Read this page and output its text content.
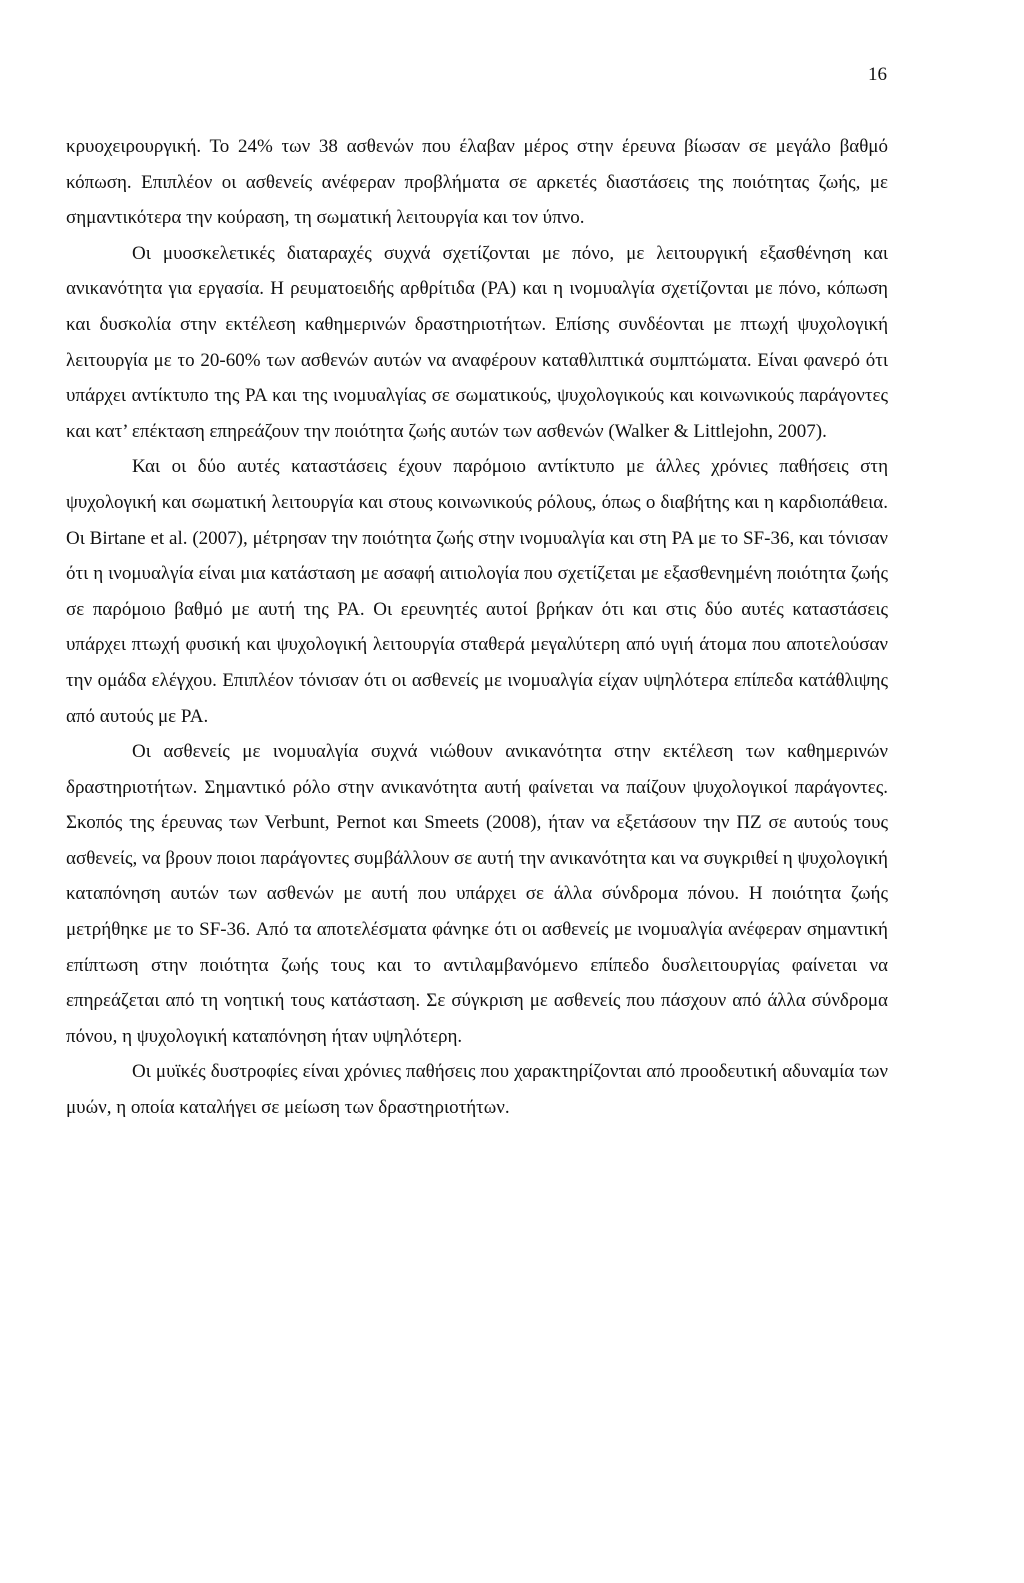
16

κρυοχειρουργική. Το 24% των 38 ασθενών που έλαβαν μέρος στην έρευνα βίωσαν σε μεγάλο βαθμό κόπωση. Επιπλέον οι ασθενείς ανέφεραν προβλήματα σε αρκετές διαστάσεις της ποιότητας ζωής, με σημαντικότερα την κούραση, τη σωματική λειτουργία και τον ύπνο.

Οι μυοσκελετικές διαταραχές συχνά σχετίζονται με πόνο, με λειτουργική εξασθένηση και ανικανότητα για εργασία. Η ρευματοειδής αρθρίτιδα (ΡΑ) και η ινομυαλγία σχετίζονται με πόνο, κόπωση και δυσκολία στην εκτέλεση καθημερινών δραστηριοτήτων. Επίσης συνδέονται με πτωχή ψυχολογική λειτουργία με το 20-60% των ασθενών αυτών να αναφέρουν καταθλιπτικά συμπτώματα. Είναι φανερό ότι υπάρχει αντίκτυπο της ΡΑ και της ινομυαλγίας σε σωματικούς, ψυχολογικούς και κοινωνικούς παράγοντες και κατ’ επέκταση επηρεάζουν την ποιότητα ζωής αυτών των ασθενών (Walker & Littlejohn, 2007).

Και οι δύο αυτές καταστάσεις έχουν παρόμοιο αντίκτυπο με άλλες χρόνιες παθήσεις στη ψυχολογική και σωματική λειτουργία και στους κοινωνικούς ρόλους, όπως ο διαβήτης και η καρδιοπάθεια. Οι Birtane et al. (2007), μέτρησαν την ποιότητα ζωής στην ινομυαλγία και στη ΡΑ με το SF-36, και τόνισαν ότι η ινομυαλγία είναι μια κατάσταση με ασαφή αιτιολογία που σχετίζεται με εξασθενημένη ποιότητα ζωής σε παρόμοιο βαθμό με αυτή της ΡΑ. Οι ερευνητές αυτοί βρήκαν ότι και στις δύο αυτές καταστάσεις υπάρχει πτωχή φυσική και ψυχολογική λειτουργία σταθερά μεγαλύτερη από υγιή άτομα που αποτελούσαν την ομάδα ελέγχου. Επιπλέον τόνισαν ότι οι ασθενείς με ινομυαλγία είχαν υψηλότερα επίπεδα κατάθλιψης από αυτούς με ΡΑ.

Οι ασθενείς με ινομυαλγία συχνά νιώθουν ανικανότητα στην εκτέλεση των καθημερινών δραστηριοτήτων. Σημαντικό ρόλο στην ανικανότητα αυτή φαίνεται να παίζουν ψυχολογικοί παράγοντες. Σκοπός της έρευνας των Verbunt, Pernot και Smeets (2008), ήταν να εξετάσουν την ΠΖ σε αυτούς τους ασθενείς, να βρουν ποιοι παράγοντες συμβάλλουν σε αυτή την ανικανότητα και να συγκριθεί η ψυχολογική καταπόνηση αυτών των ασθενών με αυτή που υπάρχει σε άλλα σύνδρομα πόνου. Η ποιότητα ζωής μετρήθηκε με το SF-36. Από τα αποτελέσματα φάνηκε ότι οι ασθενείς με ινομυαλγία ανέφεραν σημαντική επίπτωση στην ποιότητα ζωής τους και το αντιλαμβανόμενο επίπεδο δυσλειτουργίας φαίνεται να επηρεάζεται από τη νοητική τους κατάσταση. Σε σύγκριση με ασθενείς που πάσχουν από άλλα σύνδρομα πόνου, η ψυχολογική καταπόνηση ήταν υψηλότερη.

Οι μυϊκές δυστροφίες είναι χρόνιες παθήσεις που χαρακτηρίζονται από προοδευτική αδυναμία των μυών, η οποία καταλήγει σε μείωση των δραστηριοτήτων.
